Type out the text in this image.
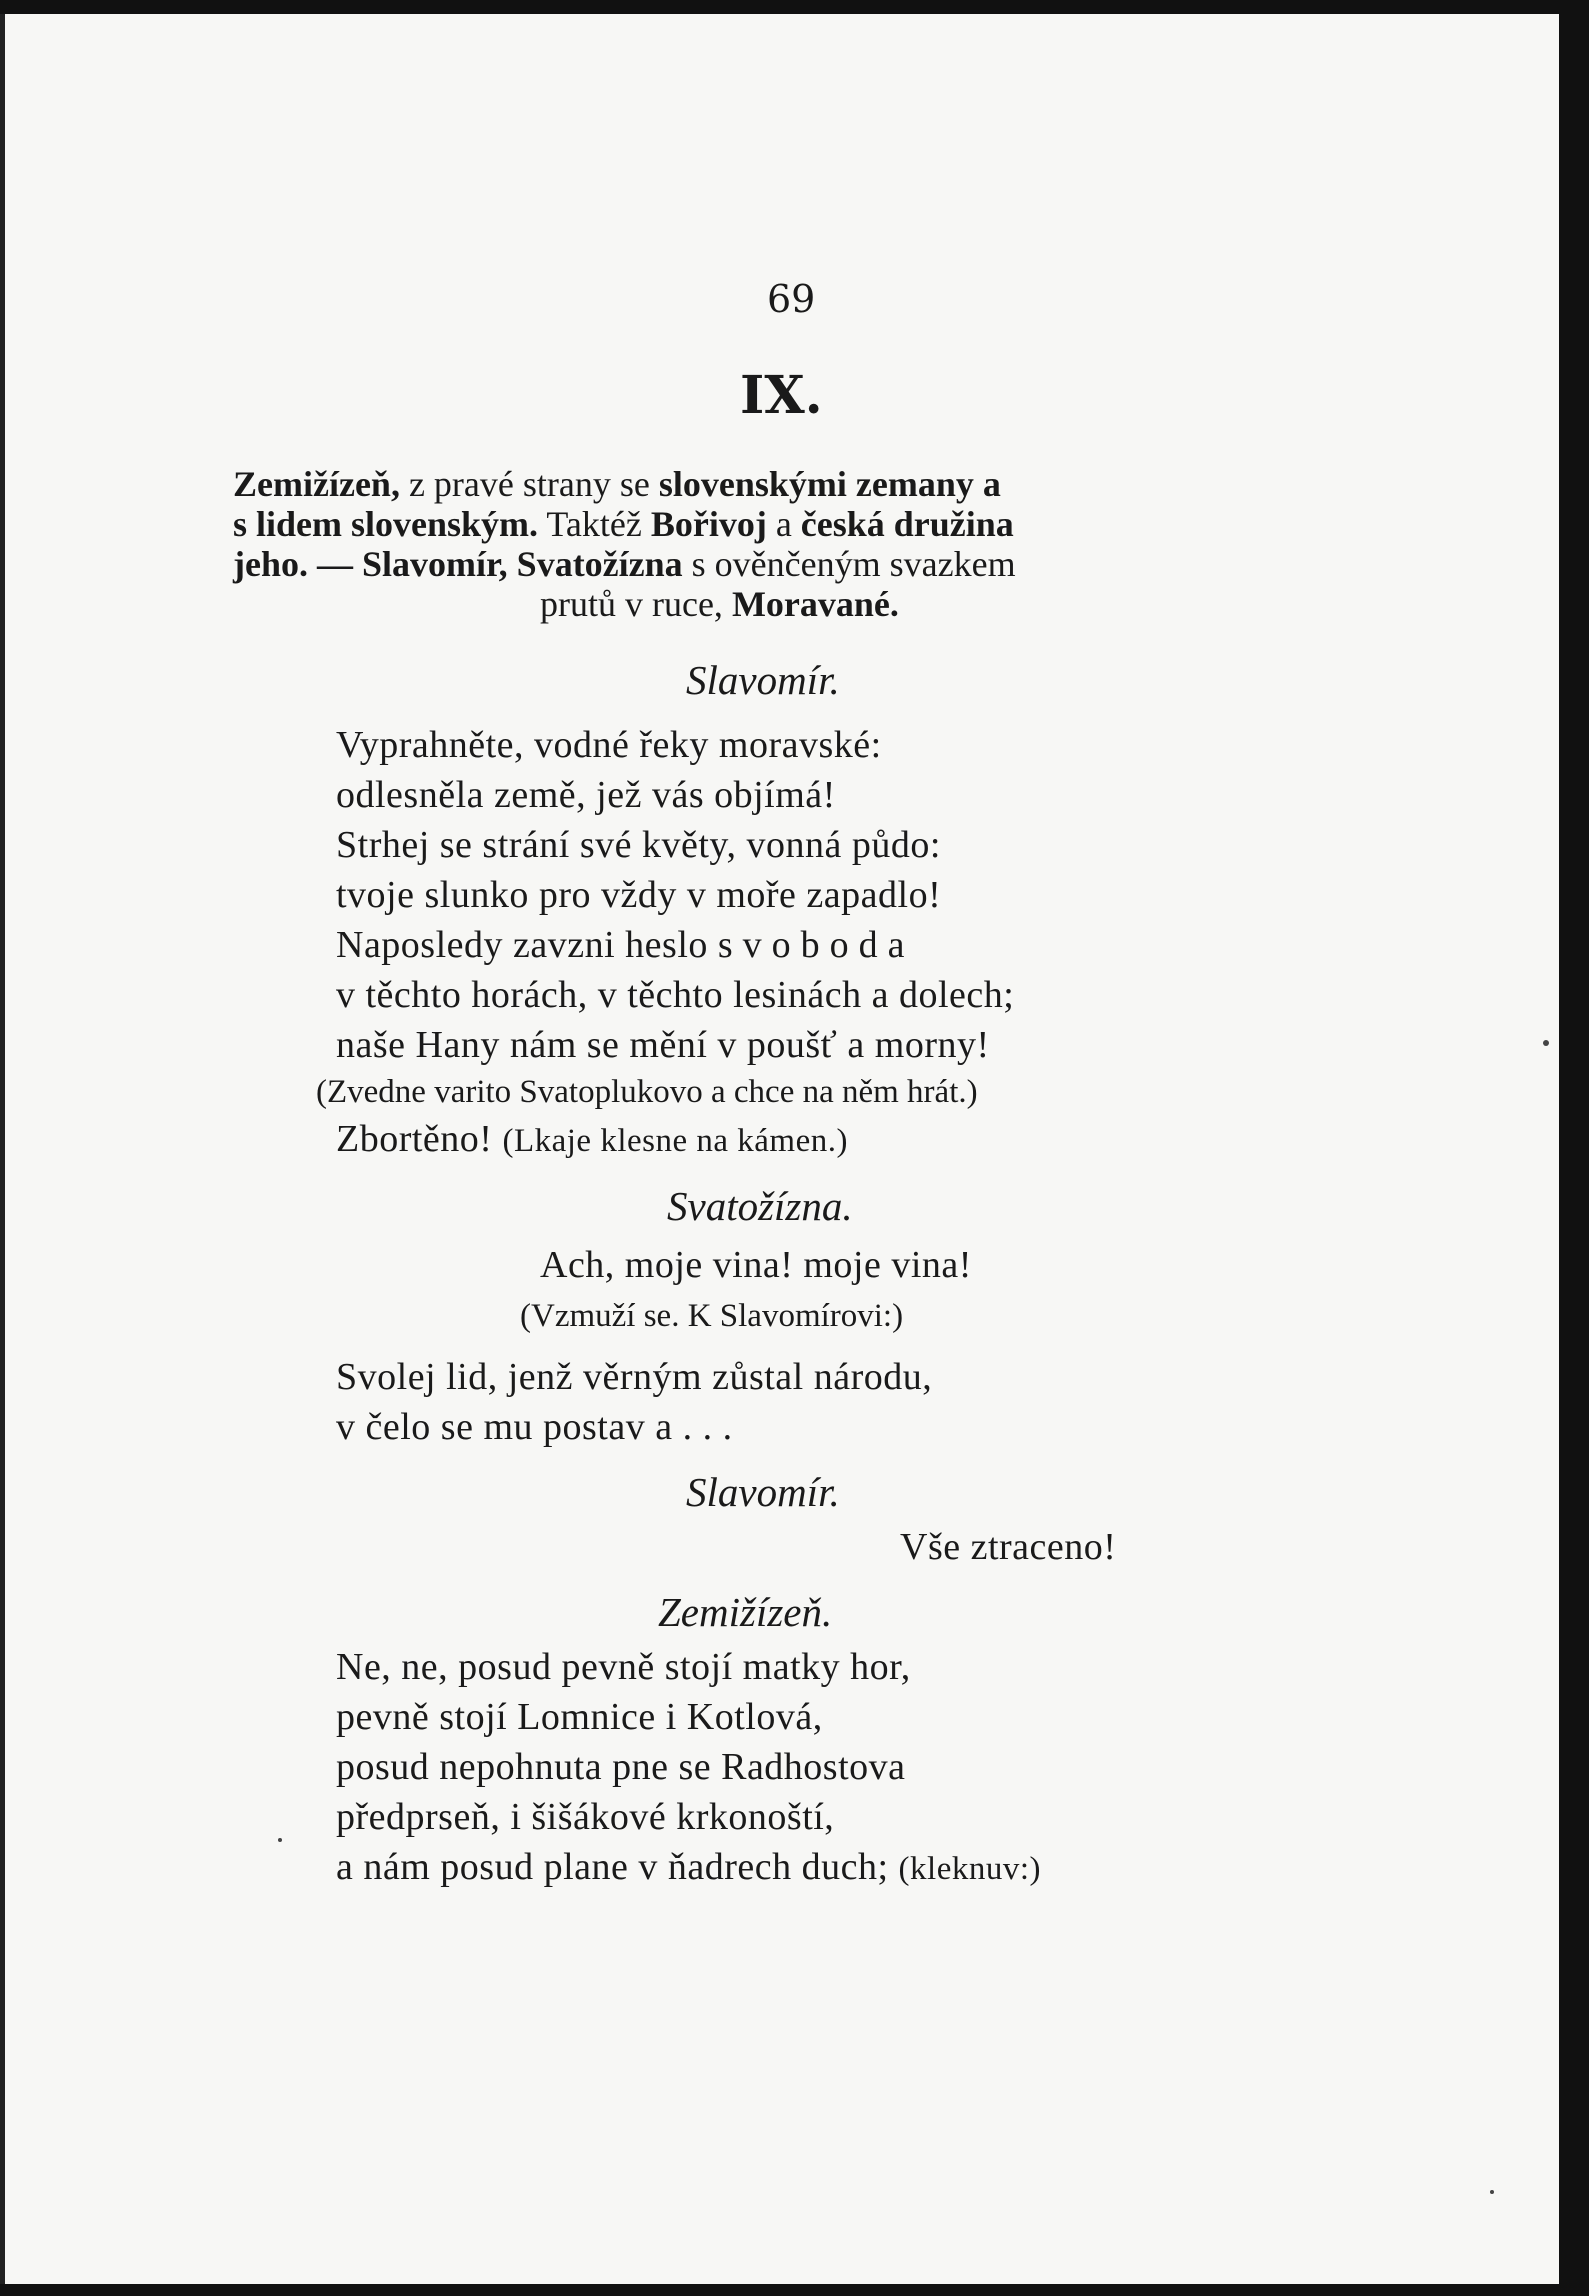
69
IX.
Zemižízeň, z pravé strany se slovenskými zemany a
s lidem slovenským. Taktéž Bořivoj a česká družina
jeho. — Slavomír, Svatožízna s ověnčeným svazkem
prutů v ruce, Moravané.
Slavomír.
Vyprahněte, vodné řeky moravské:
odlesněla země, jež vás objímá!
Strhej se strání své květy, vonná půdo:
tvoje slunko pro vždy v moře zapadlo!
Naposledy zavzni heslo svoboda
v těchto horách, v těchto lesinách a dolech;
naše Hany nám se mění v poušť a morny!
(Zvedne varito Svatoplukovo a chce na něm hrát.)
Zbortěno! (Lkaje klesne na kámen.)
Svatožízna.
Ach, moje vina! moje vina!
(Vzmuží se. K Slavomírovi:)
Svolej lid, jenž věrným zůstal národu,
v čelo se mu postav a . . .
Slavomír.
Vše ztraceno!
Zemižízeň.
Ne, ne, posud pevně stojí matky hor,
pevně stojí Lomnice i Kotlová,
posud nepohnuta pne se Radhostova
předprseň, i šišákové krkonoští,
a nám posud plane v ňadrech duch; (kleknuv:)
